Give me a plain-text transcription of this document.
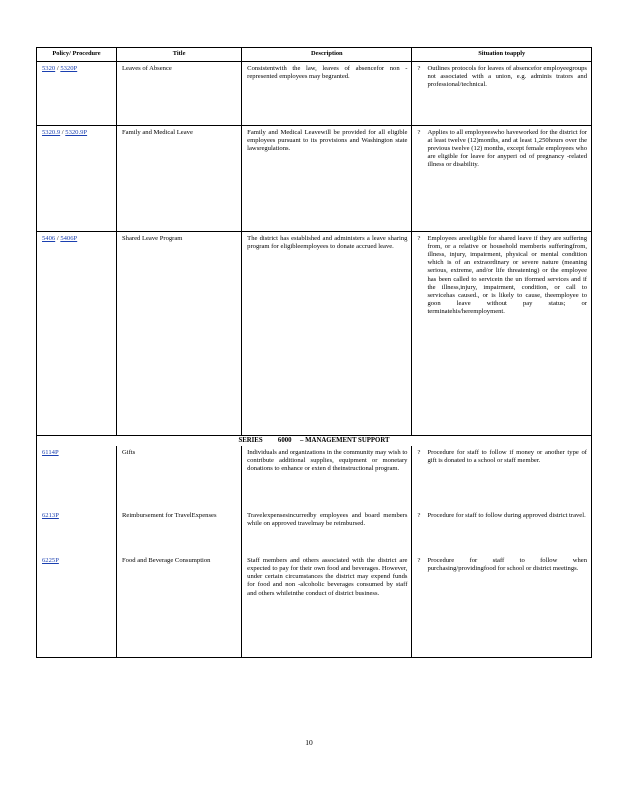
Policy/ Procedure	Title	Description	Situation toapply
5320 / 5320P	Leaves of Absence	Consistentwith the law, leaves of absencefor non -represented employees may begranted.	? Outlines protocols for leaves of absencefor employeegroups not associated with a union, e.g. adminis trators and professional/technical.

5320.9 / 5320.9P	Family and Medical Leave	Family and Medical Leavewill be provided for all eligible employees pursuant to its provisions and Washington state lawsregulations.	? Applies to all employeeswho haveworked for the district for at least twelve (12)months, and at least 1,250hours over the previous twelve (12) months, except female employees who are eligible for leave for anyperi od of pregnancy -related illness or disability.

5406 / 5406P	Shared Leave Program	The district has established and administers a leave sharing program for eligibleemployees to donate accrued leave.	? Employees areeligible for shared leave if they are suffering from, or a relative or household memberis sufferingfrom, illness, injury, impairment, physical or mental condition which is of an extraordinary or severe nature (meaning serious, extreme, and/or life threatening) or the employee has been called to servicein the un iformed services and if the illness,injury, impairment, condition, or call to servicehas caused., or is likely to cause, theemployee to goon leave without pay status; or terminatehis/heremployment.

SERIES 6000 – MANAGEMENT SUPPORT			
6114P	Gifts	Individuals and organizations in the community may wish to contribute additional supplies, equipment or monetary donations to enhance or exten d theinstructional program.	? Procedure for staff to follow if money or another type of gift is donated to a school or staff member.

6213P	Reimbursement for TravelExpenses	Travelexpensesincurredby employees and board members while on approved travelmay be reimbursed.	? Procedure for staff to follow during approved district travel.

6225P	Food and Beverage Consumption	Staff members and others associated with the district are expected to pay for their own food and beverages. However, under certain circumstances the district may expend funds for food and non -alcoholic beverages consumed by staff and others whileinthe conduct of district business.	? Procedure for staff to follow when purchasing/providingfood for school or district meetings.
10
